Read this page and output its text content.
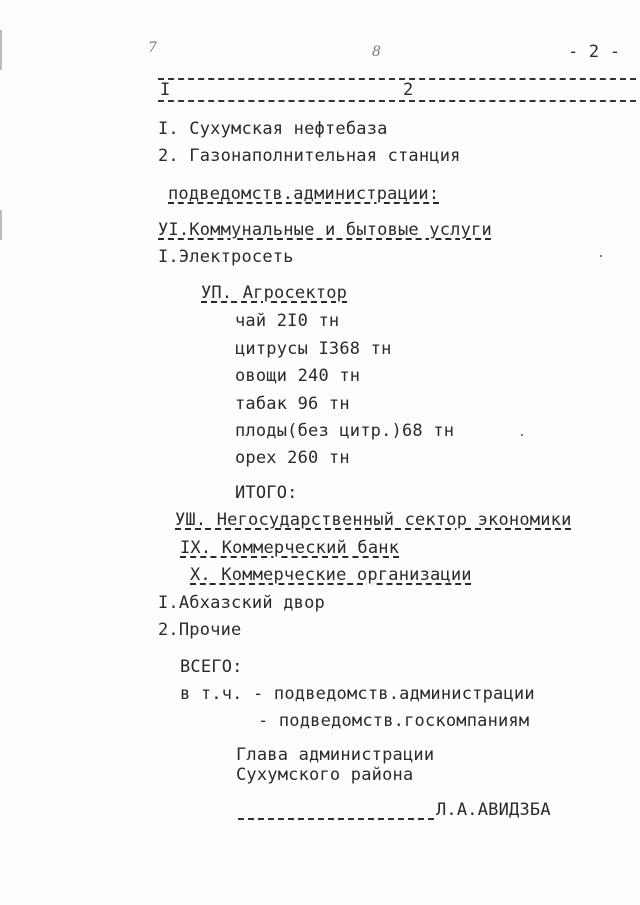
7	8	- 2 -
I	2
I. Сухумская нефтебаза
2. Газонаполнительная станция
подведомств.администрации:
УI.Коммунальные и бытовые услуги
I.Электросеть
УП. Агросектор
чай 2I0 тн
цитрусы I368 тн
овощи 240 тн
табак 96 тн
плоды(без цитр.)68 тн
орех 260 тн
ИТОГО:
УШ. Негосударственный сектор экономики
IX. Коммерческий банк
X. Коммерческие организации
I.Абхазский двор
2.Прочие
ВСЕГО:
в т.ч. - подведомств.администрации
- подведомств.госкомпаниям
Глава администрации
Сухумского района
Л.А.АВИДЗБА
